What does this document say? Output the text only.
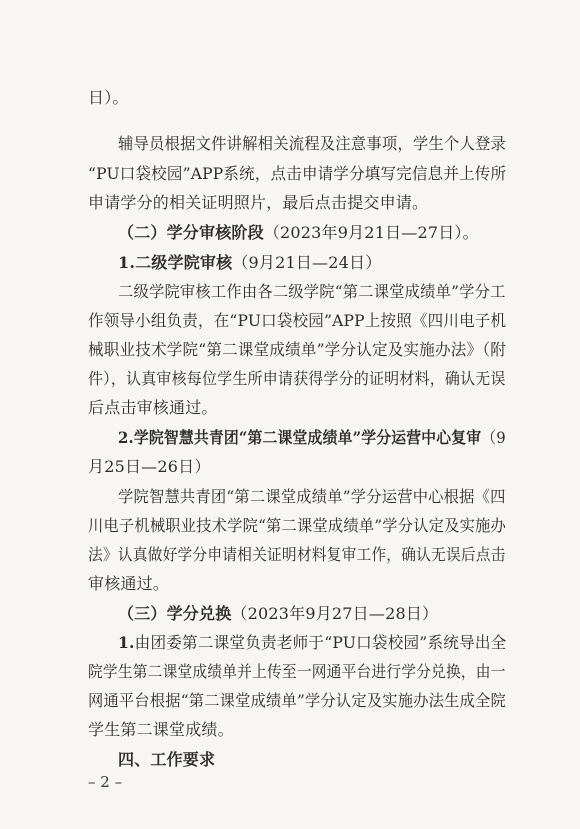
日）。
辅导员根据文件讲解相关流程及注意事项，学生个人登录
“PU口袋校园”APP系统，点击申请学分填写完信息并上传所
申请学分的相关证明照片，最后点击提交申请。
（二）学分审核阶段（2023年9月21日—27日）。
1.二级学院审核（9月21日—24日）
二级学院审核工作由各二级学院“第二课堂成绩单”学分工
作领导小组负责，在“PU口袋校园”APP上按照《四川电子机
械职业技术学院“第二课堂成绩单”学分认定及实施办法》（附
件），认真审核每位学生所申请获得学分的证明材料，确认无误
后点击审核通过。
2.学院智慧共青团“第二课堂成绩单”学分运营中心复审（9
月25日—26日）
学院智慧共青团“第二课堂成绩单”学分运营中心根据《四
川电子机械职业技术学院“第二课堂成绩单”学分认定及实施办
法》认真做好学分申请相关证明材料复审工作，确认无误后点击
审核通过。
（三）学分兑换（2023年9月27日—28日）
1.由团委第二课堂负责老师于“PU口袋校园”系统导出全
院学生第二课堂成绩单并上传至一网通平台进行学分兑换，由一
网通平台根据“第二课堂成绩单”学分认定及实施办法生成全院
学生第二课堂成绩。
四、工作要求
– 2 –
